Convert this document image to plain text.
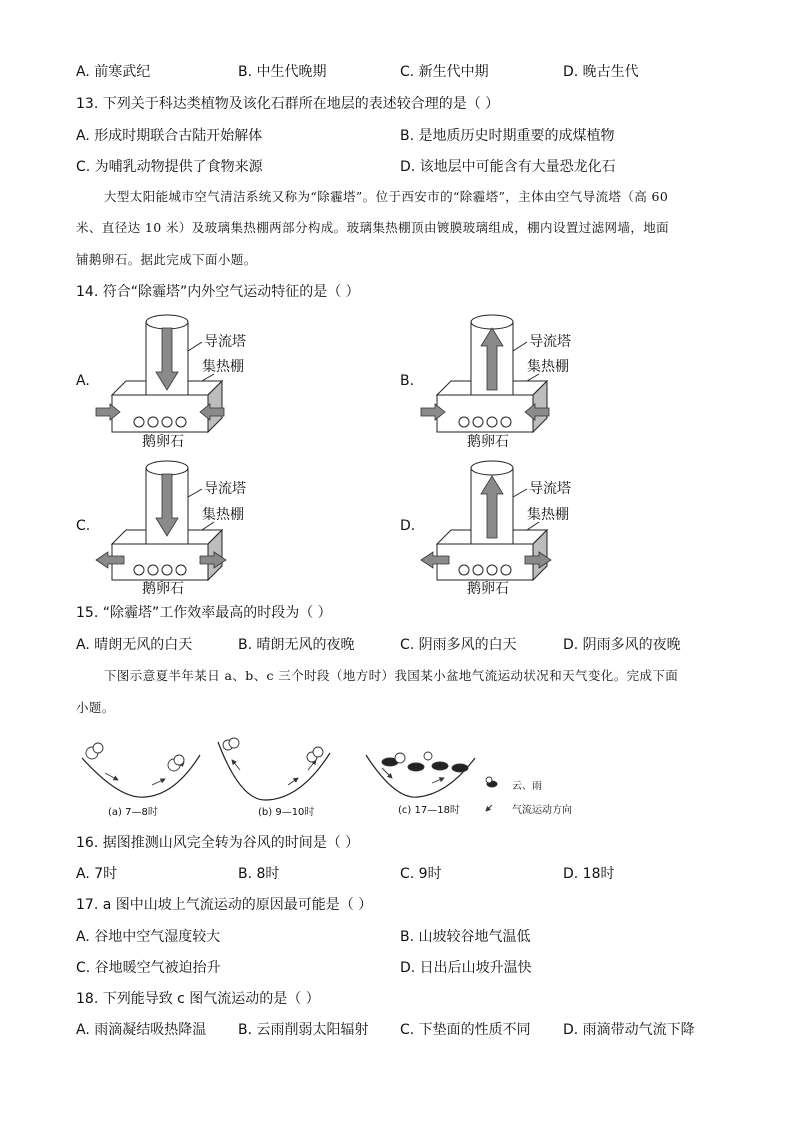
A. 前寒武纪	B. 中生代晚期	C. 新生代中期	D. 晚古生代
13. 下列关于科达类植物及该化石群所在地层的表述较合理的是（ ）
A. 形成时期联合古陆开始解体	B. 是地质历史时期重要的成煤植物
C. 为哺乳动物提供了食物来源	D. 该地层中可能含有大量恐龙化石
大型太阳能城市空气清洁系统又称为“除霾塔”。位于西安市的“除霾塔”，主体由空气导流塔（高 60
米、直径达 10 米）及玻璃集热棚两部分构成。玻璃集热棚顶由镀膜玻璃组成，棚内设置过滤网墙，地面
铺鹅卵石。据此完成下面小题。
14. 符合“除霾塔”内外空气运动特征的是（ ）
A.	B.
C.	D.
导流塔
集热棚
鹅卵石
导流塔
集热棚
鹅卵石
导流塔
集热棚
鹅卵石
导流塔
集热棚
鹅卵石
15. “除霾塔”工作效率最高的时段为（ ）
A. 晴朗无风的白天	B. 晴朗无风的夜晚	C. 阴雨多风的白天	D. 阴雨多风的夜晚
下图示意夏半年某日 a、b、c 三个时段（地方时）我国某小盆地气流运动状况和天气变化。完成下面
小题。
(a) 7—8时	(b) 9—10时	(c) 17—18时
云、雨
气流运动方向
16. 据图推测山风完全转为谷风的时间是（ ）
A. 7时	B. 8时	C. 9时	D. 18时
17. a 图中山坡上气流运动的原因最可能是（ ）
A. 谷地中空气湿度较大	B. 山坡较谷地气温低
C. 谷地暖空气被迫抬升	D. 日出后山坡升温快
18. 下列能导致 c 图气流运动的是（ ）
A. 雨滴凝结吸热降温 B. 云雨削弱太阳辐射 C. 下垫面的性质不同 D. 雨滴带动气流下降
